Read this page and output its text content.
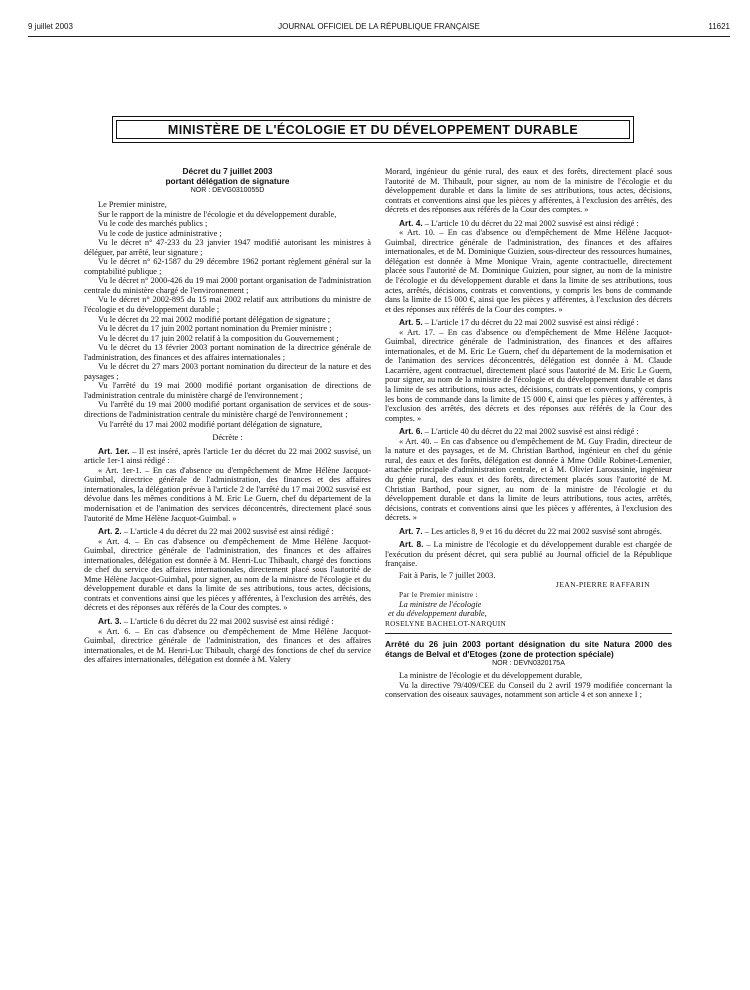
9 juillet 2003	JOURNAL OFFICIEL DE LA RÉPUBLIQUE FRANÇAISE	11621
MINISTÈRE DE L'ÉCOLOGIE ET DU DÉVELOPPEMENT DURABLE
Décret du 7 juillet 2003
portant délégation de signature
NOR : DEVG0310055D
Le Premier ministre,
Sur le rapport de la ministre de l'écologie et du développement durable,
Vu le code des marchés publics ;
Vu le code de justice administrative ;
Vu le décret n° 47-233 du 23 janvier 1947 modifié autorisant les ministres à déléguer, par arrêté, leur signature ;
Vu le décret n° 62-1587 du 29 décembre 1962 portant règlement général sur la comptabilité publique ;
Vu le décret n° 2000-426 du 19 mai 2000 portant organisation de l'administration centrale du ministère chargé de l'environnement ;
Vu le décret n° 2002-895 du 15 mai 2002 relatif aux attributions du ministre de l'écologie et du développement durable ;
Vu le décret du 22 mai 2002 modifié portant délégation de signature ;
Vu le décret du 17 juin 2002 portant nomination du Premier ministre ;
Vu le décret du 17 juin 2002 relatif à la composition du Gouvernement ;
Vu le décret du 13 février 2003 portant nomination de la directrice générale de l'administration, des finances et des affaires internationales ;
Vu le décret du 27 mars 2003 portant nomination du directeur de la nature et des paysages ;
Vu l'arrêté du 19 mai 2000 modifié portant organisation de directions de l'administration centrale du ministère chargé de l'environnement ;
Vu l'arrêté du 19 mai 2000 modifié portant organisation de services et de sous-directions de l'administration centrale du ministère chargé de l'environnement ;
Vu l'arrêté du 17 mai 2002 modifié portant délégation de signature,
Décrète :
Art. 1er. – Il est inséré, après l'article 1er du décret du 22 mai 2002 susvisé, un article 1er-1 ainsi rédigé :
« Art. 1er-1. – En cas d'absence ou d'empêchement de Mme Hélène Jacquot-Guimbal, directrice générale de l'administration, des finances et des affaires internationales, la délégation prévue à l'article 2 de l'arrêté du 17 mai 2002 susvisé est dévolue dans les mêmes conditions à M. Eric Le Guern, chef du département de la modernisation et de l'animation des services déconcentrés, directement placé sous l'autorité de Mme Hélène Jacquot-Guimbal. »
Art. 2. – L'article 4 du décret du 22 mai 2002 susvisé est ainsi rédigé :
« Art. 4. – En cas d'absence ou d'empêchement de Mme Hélène Jacquot-Guimbal, directrice générale de l'administration, des finances et des affaires internationales, délégation est donnée à M. Henri-Luc Thibault, chargé des fonctions de chef du service des affaires internationales, directement placé sous l'autorité de Mme Hélène Jacquot-Guimbal, pour signer, au nom de la ministre de l'écologie et du développement durable et dans la limite de ses attributions, tous actes, décisions, contrats et conventions ainsi que les pièces y afférentes, à l'exclusion des arrêtés, des décrets et des réponses aux référés de la Cour des comptes. »
Art. 3. – L'article 6 du décret du 22 mai 2002 susvisé est ainsi rédigé :
« Art. 6. – En cas d'absence ou d'empêchement de Mme Hélène Jacquot-Guimbal, directrice générale de l'administration, des finances et des affaires internationales, et de M. Henri-Luc Thibault, chargé des fonctions de chef du service des affaires internationales, délégation est donnée à M. Valery
Morard, ingénieur du génie rural, des eaux et des forêts, directement placé sous l'autorité de M. Thibault, pour signer, au nom de la ministre de l'écologie et du développement durable et dans la limite de ses attributions, tous actes, décisions, contrats et conventions ainsi que les pièces y afférentes, à l'exclusion des arrêtés, des décrets et des réponses aux référés de la Cour des comptes. »
Art. 4. – L'article 10 du décret du 22 mai 2002 susvisé est ainsi rédigé :
« Art. 10. – En cas d'absence ou d'empêchement de Mme Hélène Jacquot-Guimbal, directrice générale de l'administration, des finances et des affaires internationales, et de M. Dominique Guizien, sous-directeur des ressources humaines, délégation est donnée à Mme Monique Vrain, agente contractuelle, directement placée sous l'autorité de M. Dominique Guizien, pour signer, au nom de la ministre de l'écologie et du développement durable et dans la limite de ses attributions, tous actes, arrêtés, décisions, contrats et conventions, y compris les bons de commande dans la limite de 15 000 €, ainsi que les pièces y afférentes, à l'exclusion des décrets et des réponses aux référés de la Cour des comptes. »
Art. 5. – L'article 17 du décret du 22 mai 2002 susvisé est ainsi rédigé :
« Art. 17. – En cas d'absence ou d'empêchement de Mme Hélène Jacquot-Guimbal, directrice générale de l'administration, des finances et des affaires internationales, et de M. Eric Le Guern, chef du département de la modernisation et de l'animation des services déconcentrés, délégation est donnée à M. Claude Lacarrière, agent contractuel, directement placé sous l'autorité de M. Eric Le Guern, pour signer, au nom de la ministre de l'écologie et du développement durable et dans la limite de ses attributions, tous actes, décisions, contrats et conventions, y compris les bons de commande dans la limite de 15 000 €, ainsi que les pièces y afférentes, à l'exclusion des arrêtés, des décrets et des réponses aux référés de la Cour des comptes. »
Art. 6. – L'article 40 du décret du 22 mai 2002 susvisé est ainsi rédigé :
« Art. 40. – En cas d'absence ou d'empêchement de M. Guy Fradin, directeur de la nature et des paysages, et de M. Christian Barthod, ingénieur en chef du génie rural, des eaux et des forêts, délégation est donnée à Mme Odile Robinet-Lemenier, attachée principale d'administration centrale, et à M. Olivier Laroussinie, ingénieur du génie rural, des eaux et des forêts, directement placés sous l'autorité de M. Christian Barthod, pour signer, au nom de la ministre de l'écologie et du développement durable et dans la limite de leurs attributions, tous actes, arrêtés, décisions, contrats et conventions ainsi que les pièces y afférentes, à l'exclusion des décrets. »
Art. 7. – Les articles 8, 9 et 16 du décret du 22 mai 2002 susvisé sont abrogés.
Art. 8. – La ministre de l'écologie et du développement durable est chargée de l'exécution du présent décret, qui sera publié au Journal officiel de la République française.
Fait à Paris, le 7 juillet 2003.
JEAN-PIERRE RAFFARIN
Par le Premier ministre :
La ministre de l'écologie
et du développement durable,
ROSELYNE BACHELOT-NARQUIN
Arrêté du 26 juin 2003 portant désignation du site Natura 2000 des étangs de Belval et d'Etoges (zone de protection spéciale)
NOR : DEVN0320175A
La ministre de l'écologie et du développement durable,
Vu la directive 79/409/CEE du Conseil du 2 avril 1979 modifiée concernant la conservation des oiseaux sauvages, notamment son article 4 et son annexe I ;
